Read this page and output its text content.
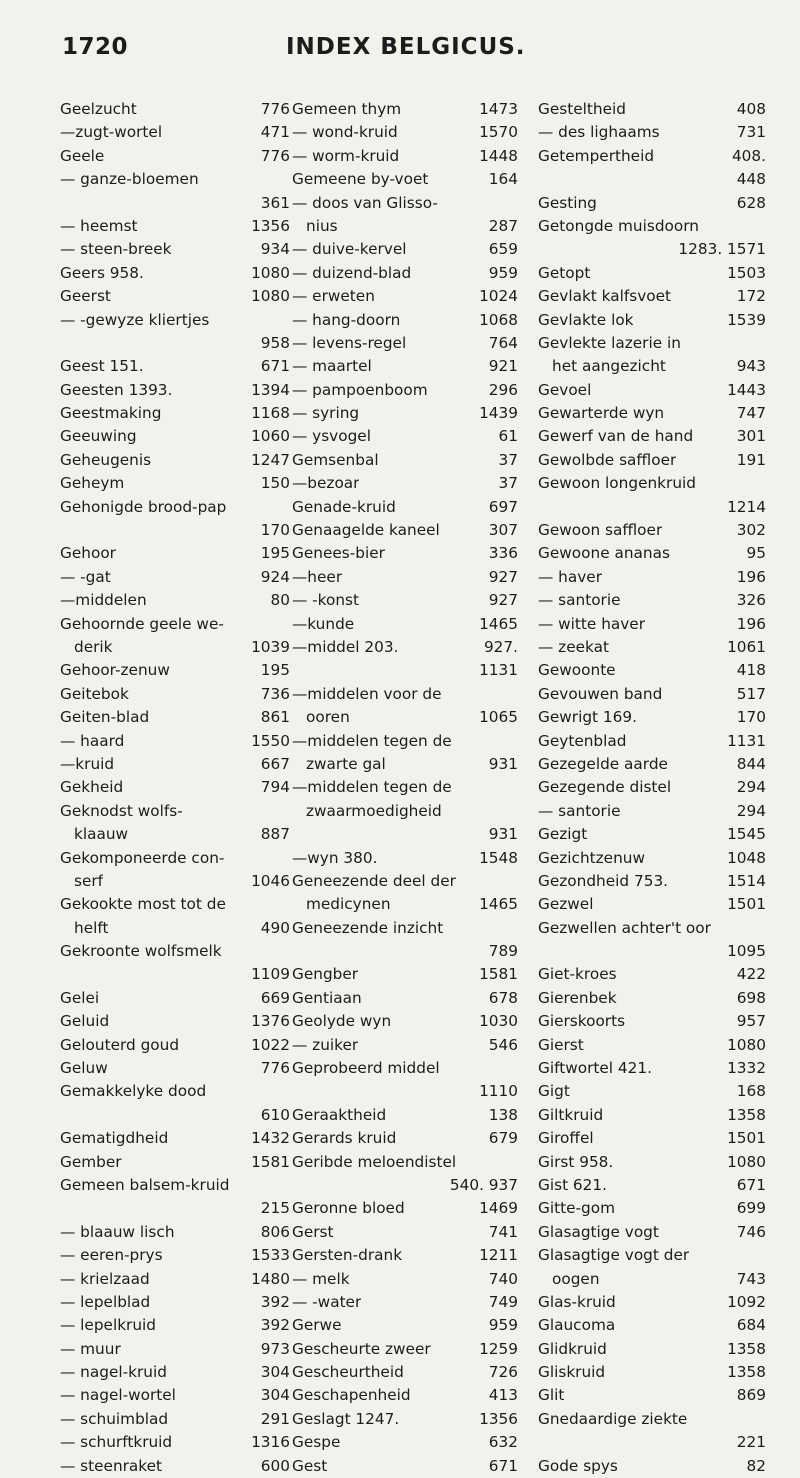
1720	INDEX BELGICUS.
Geelzucht	776
—zugt-wortel	471
Geele	776
— ganze-bloemen
361
— heemst	1356
— steen-breek	934
Geers 958.	1080
Geerst	1080
— -gewyze kliertjes
958
Geest 151.	671
Geesten 1393.	1394
Geestmaking	1168
Geeuwing	1060
Geheugenis	1247
Geheym	150
Gehonigde brood-pap
170
Gehoor	195
— -gat	924
—middelen	80
Gehoornde geele we-
derik	1039
Gehoor-zenuw	195
Geitebok	736
Geiten-blad	861
— haard	1550
—kruid	667
Gekheid	794
Geknodst wolfs-
klaauw	887
Gekomponeerde con-
serf	1046
Gekookte most tot de
helft	490
Gekroonte wolfsmelk
1109
Gelei	669
Geluid	1376
Gelouterd goud	1022
Geluw	776
Gemakkelyke dood
610
Gematigdheid	1432
Gember	1581
Gemeen balsem-kruid
215
— blaauw lisch	806
— eeren-prys	1533
— krielzaad	1480
— lepelblad	392
— lepelkruid	392
— muur	973
— nagel-kruid	304
— nagel-wortel	304
— schuimblad	291
— schurftkruid	1316
— steenraket	600
Gemeen thym	1473
— wond-kruid	1570
— worm-kruid	1448
Gemeene by-voet	164
— doos van Glisso-
nius	287
— duive-kervel	659
— duizend-blad	959
— erweten	1024
— hang-doorn	1068
— levens-regel	764
— maartel	921
— pampoenboom	296
— syring	1439
— ysvogel	61
Gemsenbal	37
—bezoar	37
Genade-kruid	697
Genaagelde kaneel	307
Genees-bier	336
—heer	927
— -konst	927
—kunde	1465
—middel 203.	927.
1131
—middelen voor de
ooren	1065
—middelen tegen de
zwarte gal	931
—middelen tegen de
zwaarmoedigheid
931
—wyn 380.	1548
Geneezende deel der
medicynen	1465
Geneezende inzicht
789
Gengber	1581
Gentiaan	678
Geolyde wyn	1030
— zuiker	546
Geprobeerd middel
1110
Geraaktheid	138
Gerards kruid	679
Geribde meloendistel
540. 937
Geronne bloed	1469
Gerst	741
Gersten-drank	1211
— melk	740
— -water	749
Gerwe	959
Gescheurte zweer	1259
Gescheurtheid	726
Geschapenheid	413
Geslagt 1247.	1356
Gespe	632
Gest	671
Gesteltheid	408
— des lighaams	731
Getempertheid	408.
448
Gesting	628
Getongde muisdoorn
1283. 1571
Getopt	1503
Gevlakt kalfsvoet	172
Gevlakte lok	1539
Gevlekte lazerie in
het aangezicht	943
Gevoel	1443
Gewarterde wyn	747
Gewerf van de hand	301
Gewolbde saffloer	191
Gewoon longenkruid
1214
Gewoon saffloer	302
Gewoone ananas	95
— haver	196
— santorie	326
— witte haver	196
— zeekat	1061
Gewoonte	418
Gevouwen band	517
Gewrigt 169.	170
Geytenblad	1131
Gezegelde aarde	844
Gezegende distel	294
— santorie	294
Gezigt	1545
Gezichtzenuw	1048
Gezondheid 753.	1514
Gezwel	1501
Gezwellen achter't oor
1095
Giet-kroes	422
Gierenbek	698
Gierskoorts	957
Gierst	1080
Giftwortel 421.	1332
Gigt	168
Giltkruid	1358
Giroffel	1501
Girst 958.	1080
Gist 621.	671
Gitte-gom	699
Glasagtige vogt	746
Glasagtige vogt der
oogen	743
Glas-kruid	1092
Glaucoma	684
Glidkruid	1358
Gliskruid	1358
Glit	869
Gnedaardige ziekte
221
Gode spys	82
